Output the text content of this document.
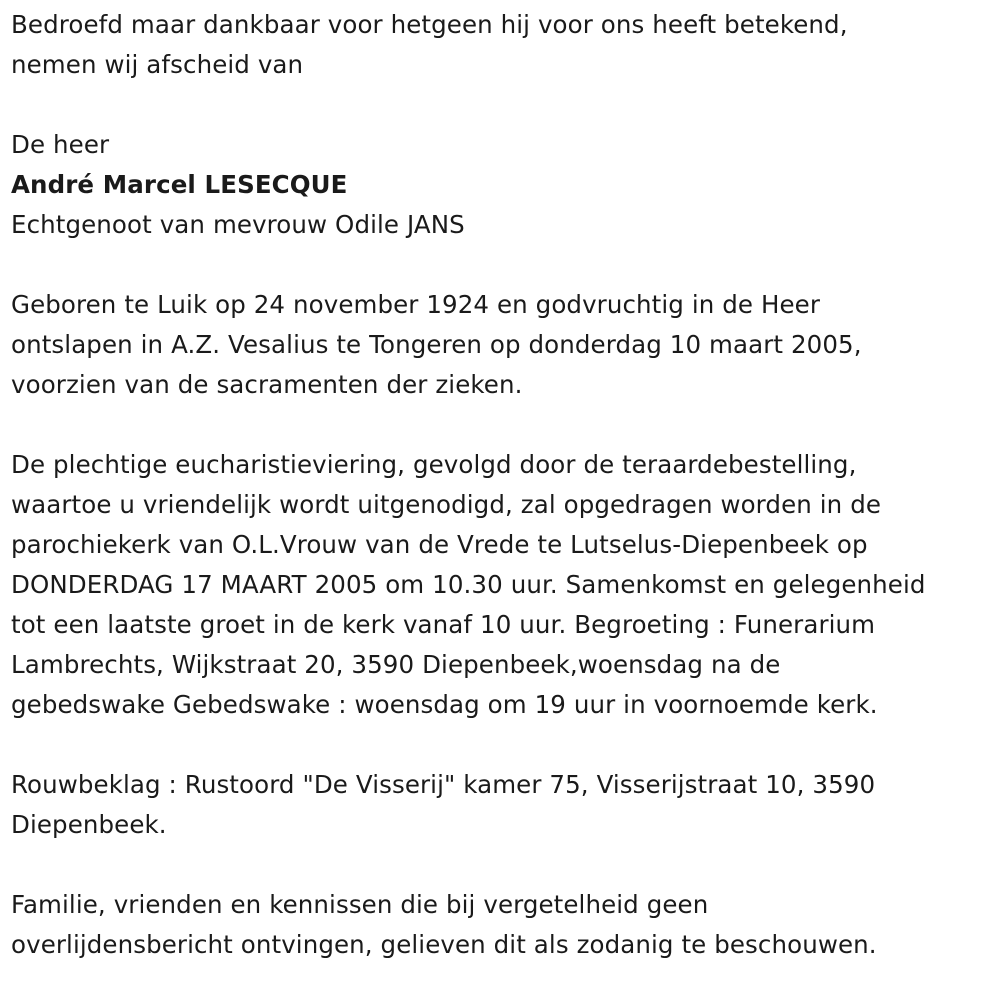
Bedroefd maar dankbaar voor hetgeen hij voor ons heeft betekend,
nemen wij afscheid van
De heer
André Marcel LESECQUE
Echtgenoot van mevrouw Odile JANS
Geboren te Luik op 24 november 1924 en godvruchtig in de Heer
ontslapen in A.Z. Vesalius te Tongeren op donderdag 10 maart 2005,
voorzien van de sacramenten der zieken.
De plechtige eucharistieviering, gevolgd door de teraardebestelling,
waartoe u vriendelijk wordt uitgenodigd, zal opgedragen worden in de
parochiekerk van O.L.Vrouw van de Vrede te Lutselus-Diepenbeek op
DONDERDAG 17 MAART 2005 om 10.30 uur. Samenkomst en gelegenheid
tot een laatste groet in de kerk vanaf 10 uur. Begroeting : Funerarium
Lambrechts, Wijkstraat 20, 3590 Diepenbeek,woensdag na de
gebedswake Gebedswake : woensdag om 19 uur in voornoemde kerk.
Rouwbeklag : Rustoord "De Visserij" kamer 75, Visserijstraat 10, 3590
Diepenbeek.
Familie, vrienden en kennissen die bij vergetelheid geen
overlijdensbericht ontvingen, gelieven dit als zodanig te beschouwen.
